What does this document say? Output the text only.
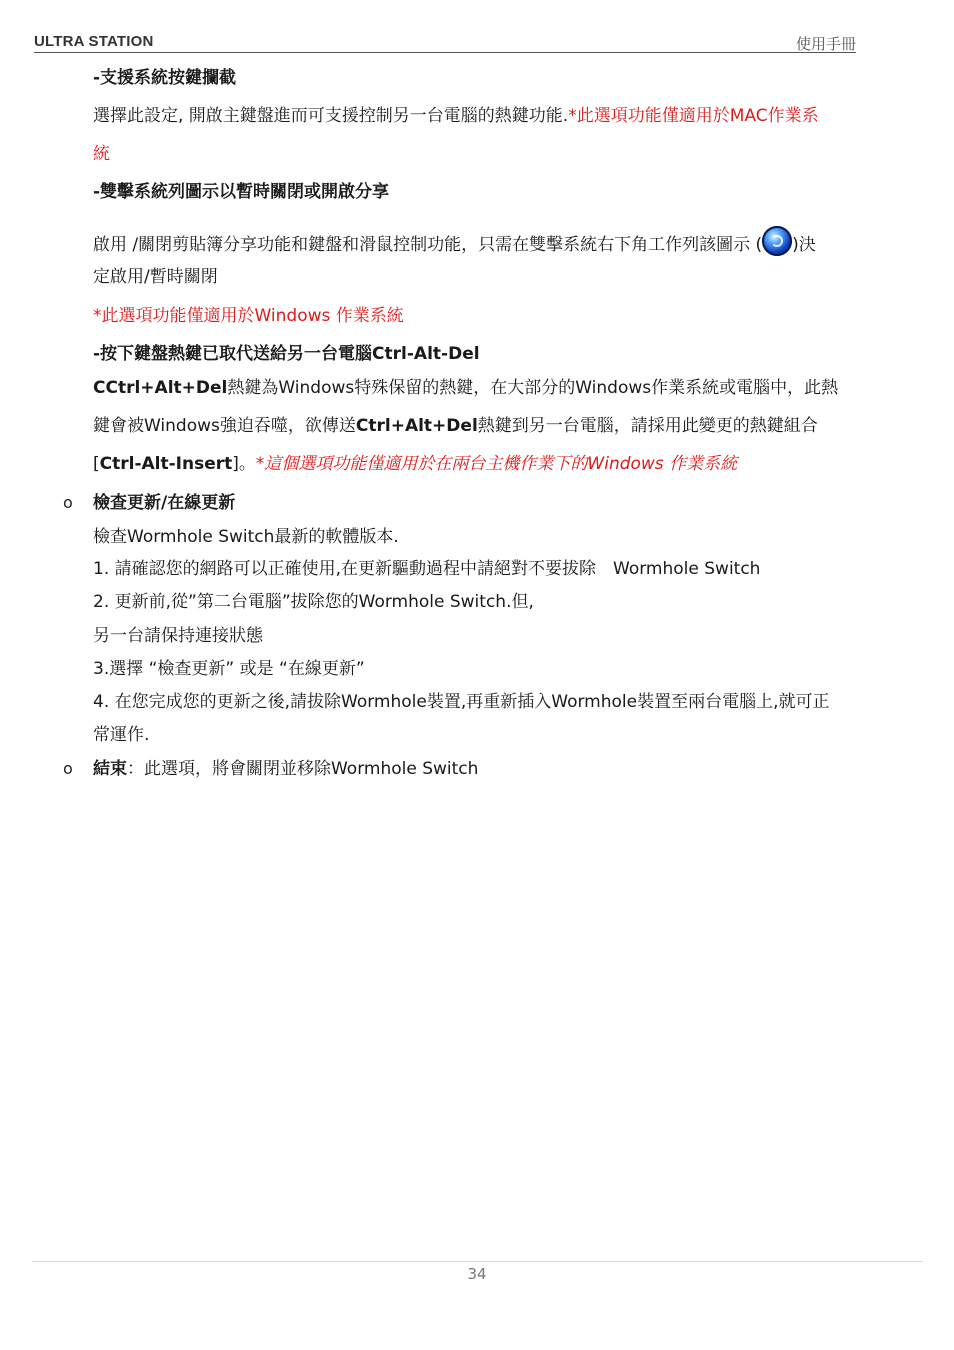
ULTRA STATION	使用手冊
-支援系統按鍵攔截
選擇此設定, 開啟主鍵盤進而可支援控制另一台電腦的熱鍵功能.*此選項功能僅適用於MAC作業系
統
-雙擊系統列圖示以暫時關閉或開啟分享
啟用 /關閉剪貼簿分享功能和鍵盤和滑鼠控制功能，只需在雙擊系統右下角工作列該圖示 ( )決
定啟用/暫時關閉
*此選項功能僅適用於Windows 作業系統
-按下鍵盤熱鍵已取代送給另一台電腦Ctrl-Alt-Del
CCtrl+Alt+Del熱鍵為Windows特殊保留的熱鍵，在大部分的Windows作業系統或電腦中，此熱
鍵會被Windows強迫吞噬，欲傳送Ctrl+Alt+Del熱鍵到另一台電腦，請採用此變更的熱鍵組合
[Ctrl-Alt-Insert]。*這個選項功能僅適用於在兩台主機作業下的Windows 作業系統
o 檢查更新/在線更新
檢查Wormhole Switch最新的軟體版本.
1. 請確認您的網路可以正確使用,在更新驅動過程中請絕對不要拔除　Wormhole Switch
2. 更新前,從”第二台電腦”拔除您的Wormhole Switch.但,
另一台請保持連接狀態
3.選擇 “檢查更新” 或是 “在線更新”
4. 在您完成您的更新之後,請拔除Wormhole裝置,再重新插入Wormhole裝置至兩台電腦上,就可正
常運作.
o 結束：此選項，將會關閉並移除Wormhole Switch
34
